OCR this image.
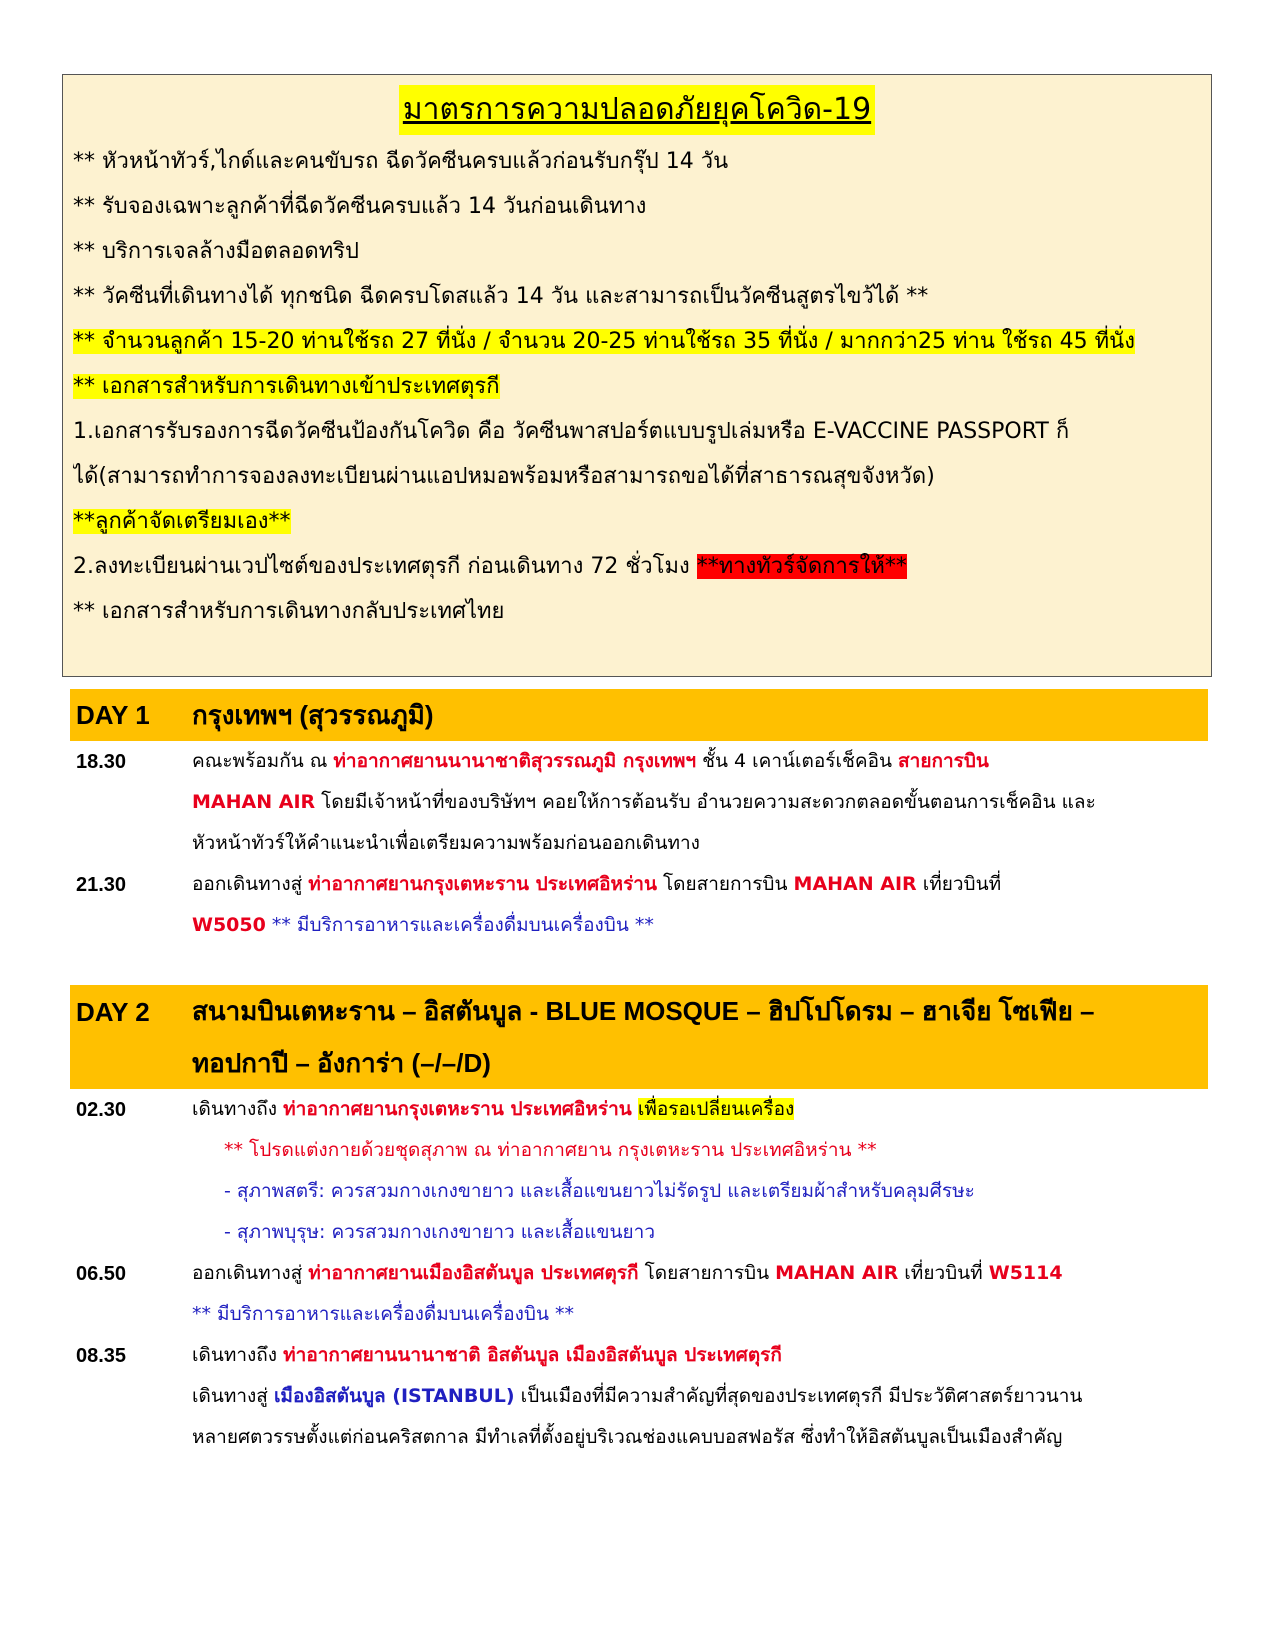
มาตรการความปลอดภัยยุคโควิด-19
** หัวหน้าทัวร์,ไกด์และคนขับรถ ฉีดวัคซีนครบแล้วก่อนรับกรุ๊ป 14 วัน
** รับจองเฉพาะลูกค้าที่ฉีดวัคซีนครบแล้ว 14 วันก่อนเดินทาง
** บริการเจลล้างมือตลอดทริป
** วัคซีนที่เดินทางได้ ทุกชนิด ฉีดครบโดสแล้ว 14 วัน และสามารถเป็นวัคซีนสูตรไขว้ได้ **
** จำนวนลูกค้า 15-20 ท่านใช้รถ 27 ที่นั่ง / จำนวน 20-25 ท่านใช้รถ 35 ที่นั่ง / มากกว่า25 ท่าน ใช้รถ 45 ที่นั่ง
** เอกสารสำหรับการเดินทางเข้าประเทศตุรกี
1.เอกสารรับรองการฉีดวัคซีนป้องกันโควิด คือ วัคซีนพาสปอร์ตแบบรูปเล่มหรือ E-VACCINE PASSPORT ก็
ได้(สามารถทำการจองลงทะเบียนผ่านแอปหมอพร้อมหรือสามารถขอได้ที่สาธารณสุขจังหวัด)
**ลูกค้าจัดเตรียมเอง**
2.ลงทะเบียนผ่านเวปไซต์ของประเทศตุรกี ก่อนเดินทาง 72 ชั่วโมง **ทางทัวร์จัดการให้**
** เอกสารสำหรับการเดินทางกลับประเทศไทย
DAY 1 กรุงเทพฯ (สุวรรณภูมิ)
18.30	คณะพร้อมกัน ณ ท่าอากาศยานนานาชาติสุวรรณภูมิ กรุงเทพฯ ชั้น 4 เคาน์เตอร์เช็คอิน สายการบิน
MAHAN AIR โดยมีเจ้าหน้าที่ของบริษัทฯ คอยให้การต้อนรับ อำนวยความสะดวกตลอดขั้นตอนการเช็คอิน และ
หัวหน้าทัวร์ให้คำแนะนำเพื่อเตรียมความพร้อมก่อนออกเดินทาง
21.30	ออกเดินทางสู่ ท่าอากาศยานกรุงเตหะราน ประเทศอิหร่าน โดยสายการบิน MAHAN AIR เที่ยวบินที่
W5050 ** มีบริการอาหารและเครื่องดื่มบนเครื่องบิน **
DAY 2 สนามบินเตหะราน – อิสตันบูล - BLUE MOSQUE – ฮิปโปโดรม – ฮาเจีย โซเฟีย –
ทอปกาปี – อังการ่า (–/–/D)
02.30	เดินทางถึง ท่าอากาศยานกรุงเตหะราน ประเทศอิหร่าน เพื่อรอเปลี่ยนเครื่อง
** โปรดแต่งกายด้วยชุดสุภาพ ณ ท่าอากาศยาน กรุงเตหะราน ประเทศอิหร่าน **
- สุภาพสตรี: ควรสวมกางเกงขายาว และเสื้อแขนยาวไม่รัดรูป และเตรียมผ้าสำหรับคลุมศีรษะ
- สุภาพบุรุษ: ควรสวมกางเกงขายาว และเสื้อแขนยาว
06.50	ออกเดินทางสู่ ท่าอากาศยานเมืองอิสตันบูล ประเทศตุรกี โดยสายการบิน MAHAN AIR เที่ยวบินที่ W5114
** มีบริการอาหารและเครื่องดื่มบนเครื่องบิน **
08.35	เดินทางถึง ท่าอากาศยานนานาชาติ อิสตันบูล เมืองอิสตันบูล ประเทศตุรกี
เดินทางสู่ เมืองอิสตันบูล (ISTANBUL) เป็นเมืองที่มีความสำคัญที่สุดของประเทศตุรกี มีประวัติศาสตร์ยาวนาน
หลายศตวรรษตั้งแต่ก่อนคริสตกาล มีทำเลที่ตั้งอยู่บริเวณช่องแคบบอสฟอรัส ซึ่งทำให้อิสตันบูลเป็นเมืองสำคัญ
